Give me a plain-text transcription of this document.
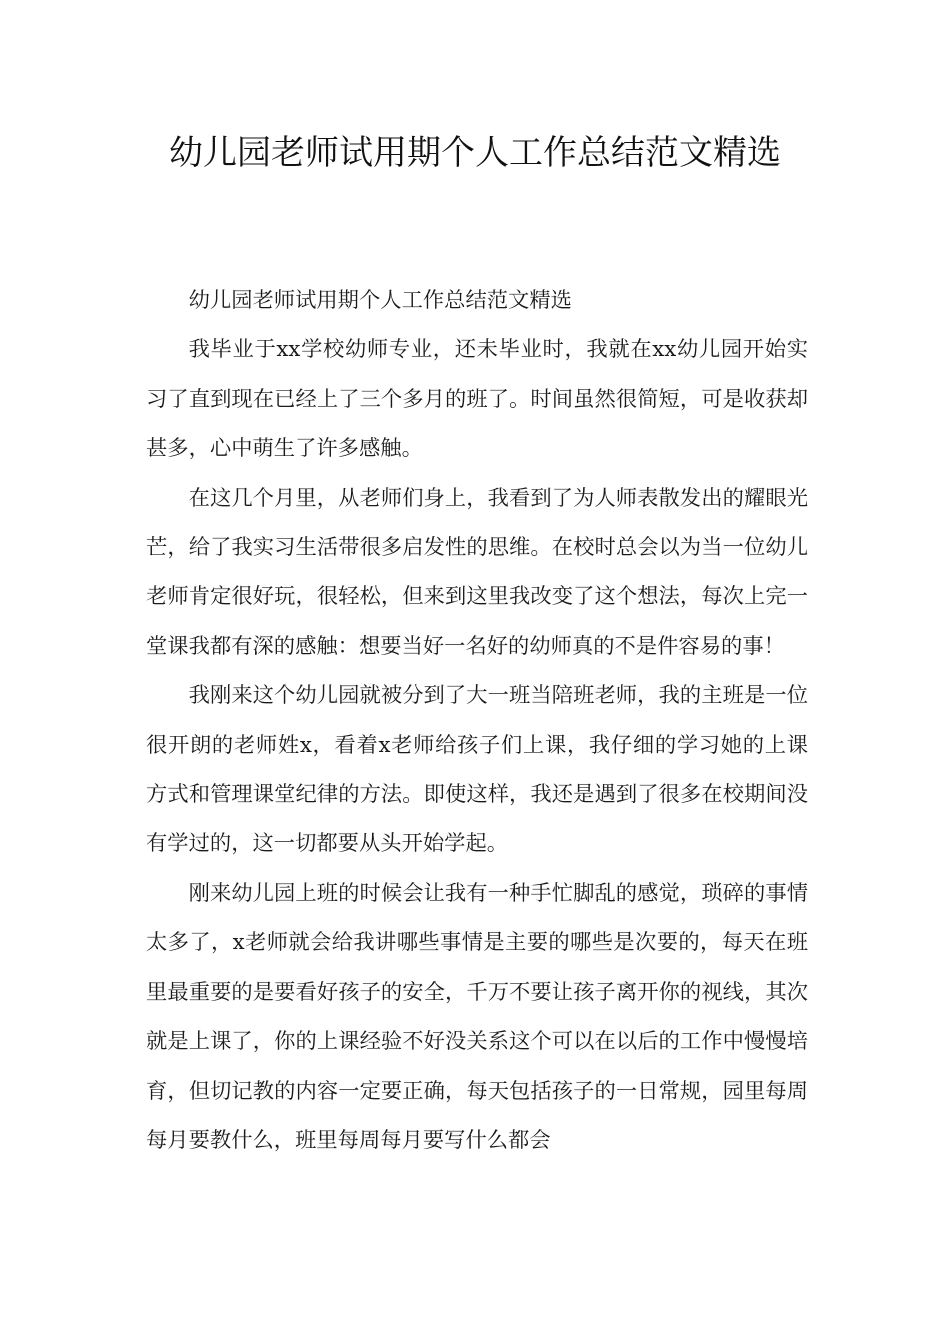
幼儿园老师试用期个人工作总结范文精选

幼儿园老师试用期个人工作总结范文精选

我毕业于xx学校幼师专业，还未毕业时，我就在xx幼儿园开始实习了直到现在已经上了三个多月的班了。时间虽然很简短，可是收获却甚多，心中萌生了许多感触。

在这几个月里，从老师们身上，我看到了为人师表散发出的耀眼光芒，给了我实习生活带很多启发性的思维。在校时总会以为当一位幼儿老师肯定很好玩，很轻松，但来到这里我改变了这个想法，每次上完一堂课我都有深的感触：想要当好一名好的幼师真的不是件容易的事！

我刚来这个幼儿园就被分到了大一班当陪班老师，我的主班是一位很开朗的老师姓x，看着x老师给孩子们上课，我仔细的学习她的上课方式和管理课堂纪律的方法。即使这样，我还是遇到了很多在校期间没有学过的，这一切都要从头开始学起。

刚来幼儿园上班的时候会让我有一种手忙脚乱的感觉，琐碎的事情太多了，x老师就会给我讲哪些事情是主要的哪些是次要的，每天在班里最重要的是要看好孩子的安全，千万不要让孩子离开你的视线，其次就是上课了，你的上课经验不好没关系这个可以在以后的工作中慢慢培育，但切记教的内容一定要正确，每天包括孩子的一日常规，园里每周每月要教什么，班里每周每月要写什么都会
